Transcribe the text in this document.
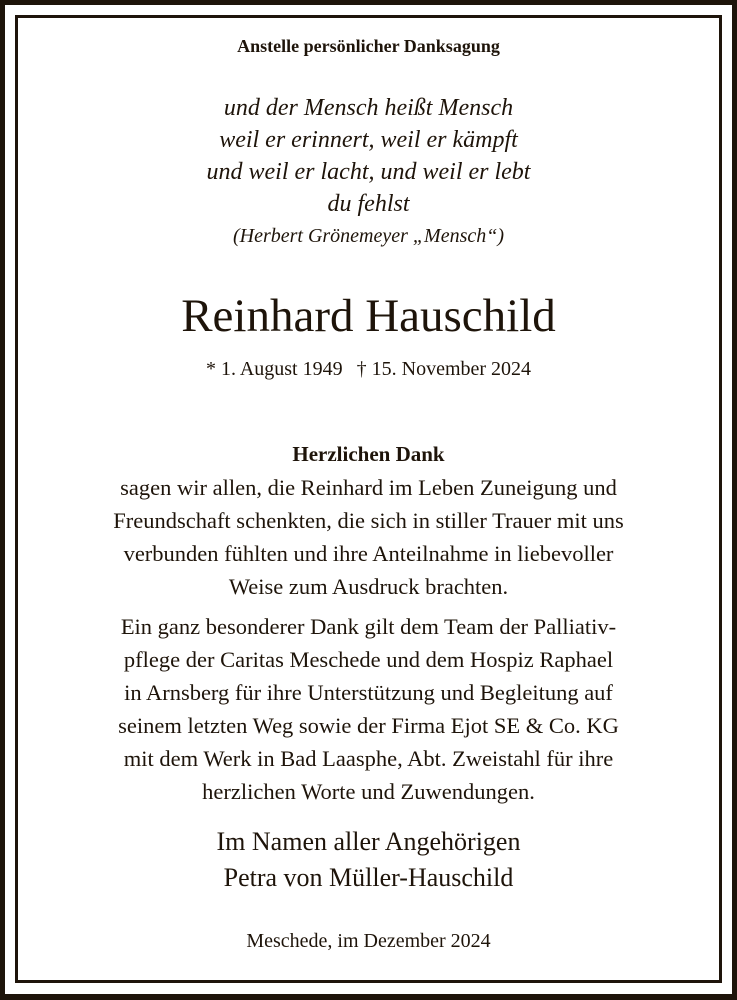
Anstelle persönlicher Danksagung
und der Mensch heißt Mensch
weil er erinnert, weil er kämpft
und weil er lacht, und weil er lebt
du fehlst
(Herbert Grönemeyer „Mensch“)
Reinhard Hauschild
* 1. August 1949 † 15. November 2024
Herzlichen Dank
sagen wir allen, die Reinhard im Leben Zuneigung und
Freundschaft schenkten, die sich in stiller Trauer mit uns
verbunden fühlten und ihre Anteilnahme in liebevoller
Weise zum Ausdruck brachten.
Ein ganz besonderer Dank gilt dem Team der Palliativ-
pflege der Caritas Meschede und dem Hospiz Raphael
in Arnsberg für ihre Unterstützung und Begleitung auf
seinem letzten Weg sowie der Firma Ejot SE & Co. KG
mit dem Werk in Bad Laasphe, Abt. Zweistahl für ihre
herzlichen Worte und Zuwendungen.
Im Namen aller Angehörigen
Petra von Müller-Hauschild
Meschede, im Dezember 2024
